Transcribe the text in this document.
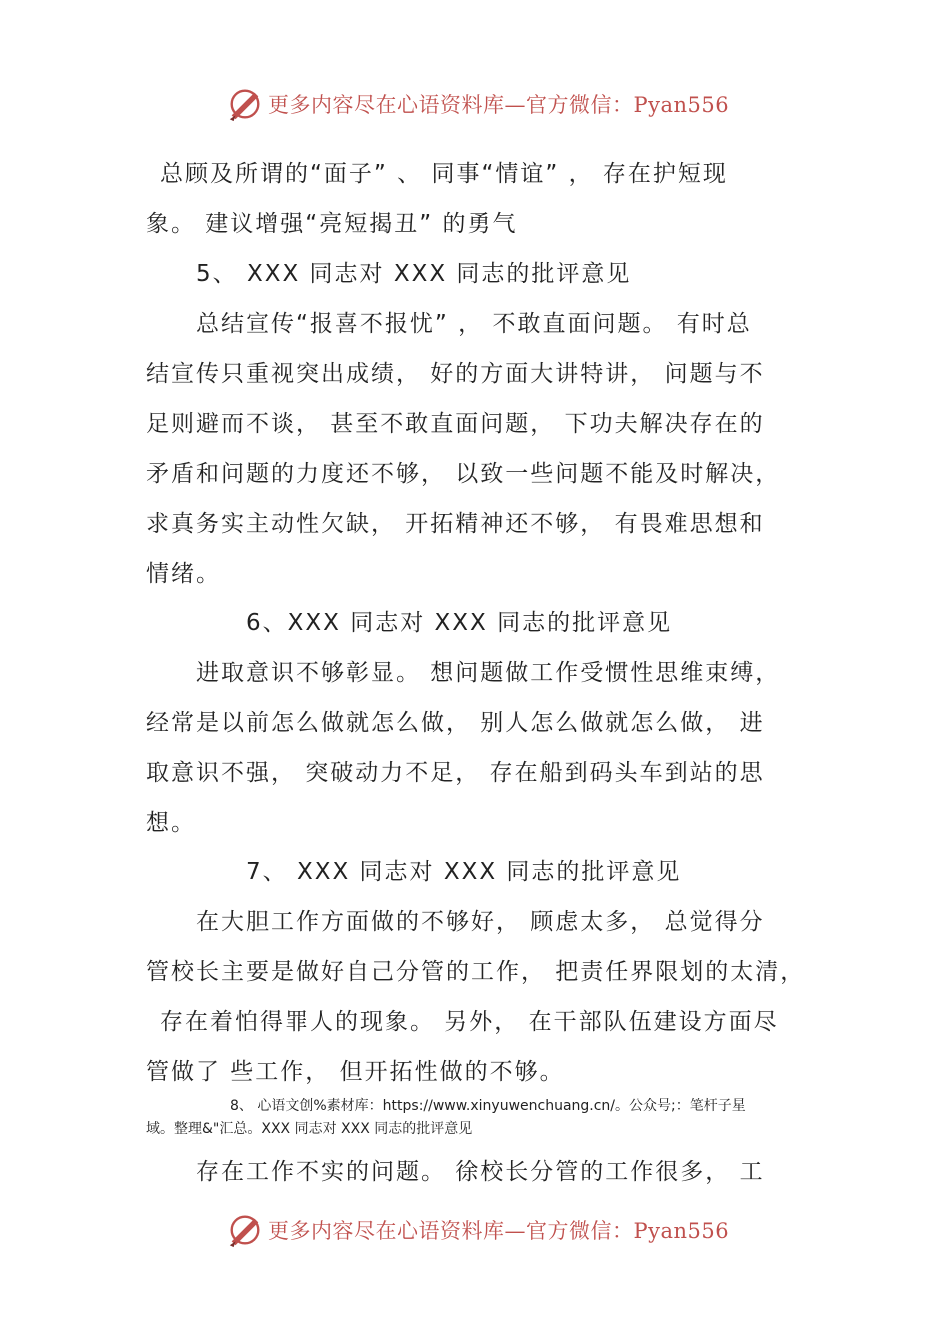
更多内容尽在心语资料库—官方微信：Pyan556
总顾及所谓的“面子” 、 同事“情谊” ， 存在护短现
象。 建议增强“亮短揭丑” 的勇气
5、 XXX 同志对 XXX 同志的批评意见
总结宣传“报喜不报忧” ， 不敢直面问题。 有时总
结宣传只重视突出成绩， 好的方面大讲特讲， 问题与不
足则避而不谈， 甚至不敢直面问题， 下功夫解决存在的
矛盾和问题的力度还不够， 以致一些问题不能及时解决，
求真务实主动性欠缺， 开拓精神还不够， 有畏难思想和
情绪。
6、XXX 同志对 XXX 同志的批评意见
进取意识不够彰显。 想问题做工作受惯性思维束缚，
经常是以前怎么做就怎么做， 别人怎么做就怎么做， 进
取意识不强， 突破动力不足， 存在船到码头车到站的思
想。
7、 XXX 同志对 XXX 同志的批评意见
在大胆工作方面做的不够好， 顾虑太多， 总觉得分
管校长主要是做好自己分管的工作， 把责任界限划的太清，
存在着怕得罪人的现象。 另外， 在干部队伍建设方面尽
管做了 些工作， 但开拓性做的不够。
8、 心语文创%素材库：https://www.xinyuwenchuang.cn/。公众号;：笔杆子星
域。整理&"汇总。XXX 同志对 XXX 同志的批评意见
存在工作不实的问题。 徐校长分管的工作很多， 工
更多内容尽在心语资料库—官方微信：Pyan556
